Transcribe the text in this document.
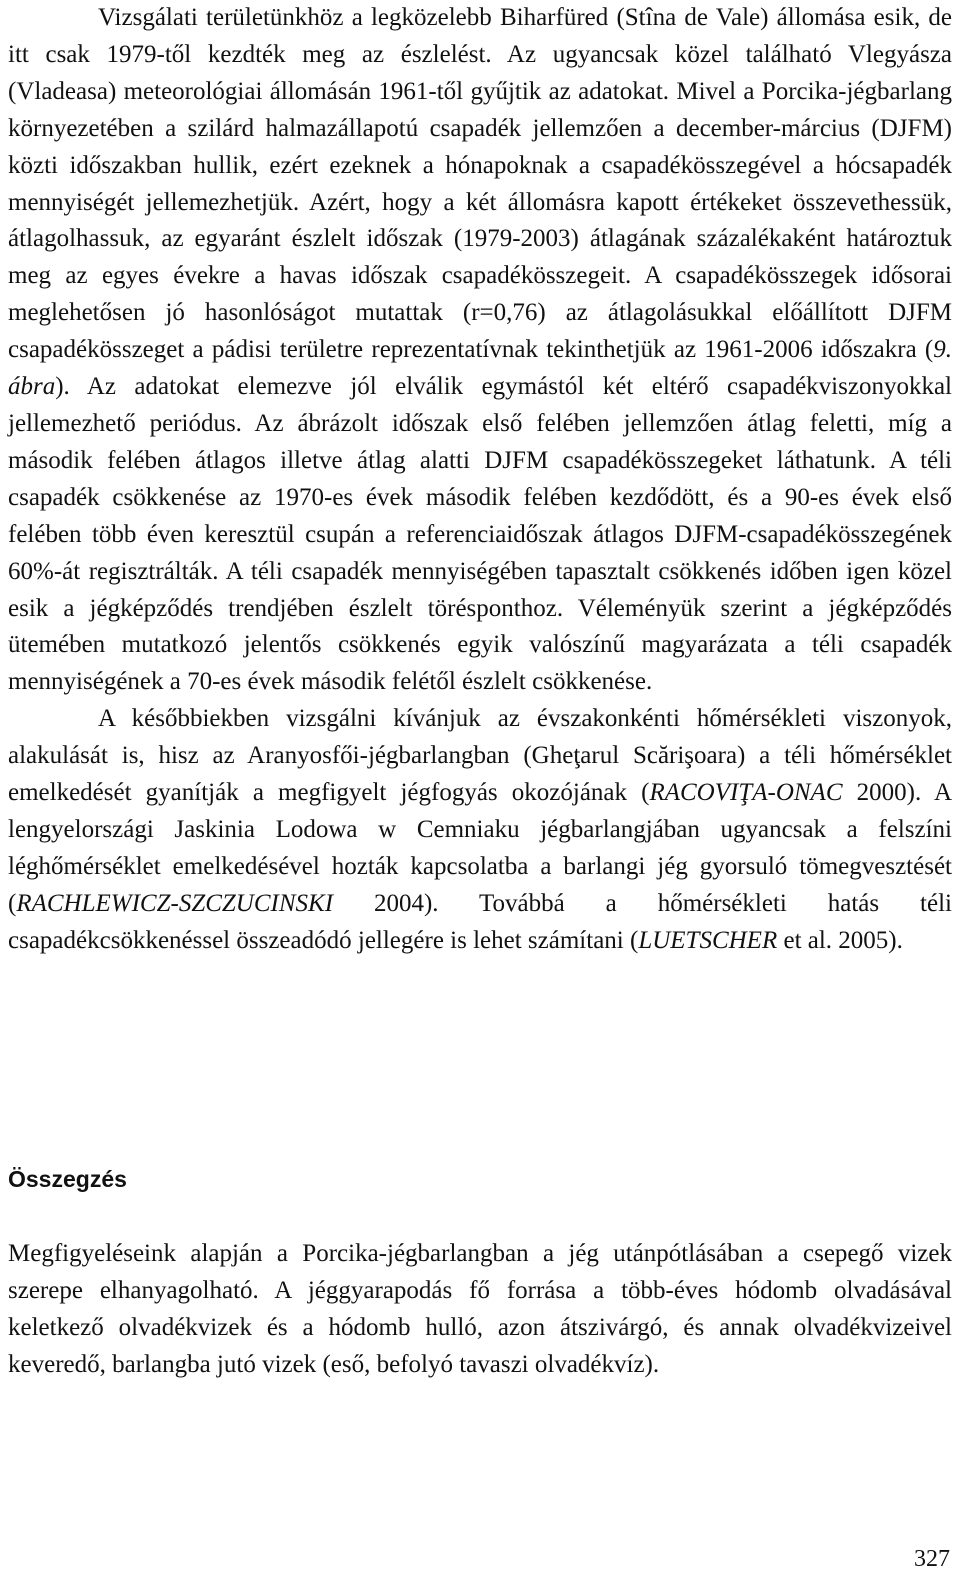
Vizsgálati területünkhöz a legközelebb Biharfüred (Stîna de Vale) állomása esik, de itt csak 1979-től kezdték meg az észlelést. Az ugyancsak közel található Vlegyásza (Vladeasa) meteorológiai állomásán 1961-től gyűjtik az adatokat. Mivel a Porcika-jégbarlang környezetében a szilárd halmazállapotú csapadék jellemzően a december-március (DJFM) közti időszakban hullik, ezért ezeknek a hónapoknak a csapadékösszegével a hócsapadék mennyiségét jellemezhetjük. Azért, hogy a két állomásra kapott értékeket összevethessük, átlagolhassuk, az egyaránt észlelt időszak (1979-2003) átlagának százalékaként határoztuk meg az egyes évekre a havas időszak csapadékösszegeit. A csapadékösszegek idősorai meglehetősen jó hasonlóságot mutattak (r=0,76) az átlagolásukkal előállított DJFM csapadékösszeget a pádisi területre reprezentatívnak tekinthetjük az 1961-2006 időszakra (9. ábra). Az adatokat elemezve jól elválik egymástól két eltérő csapadékviszonyokkal jellemezhető periódus. Az ábrázolt időszak első felében jellemzően átlag feletti, míg a második felében átlagos illetve átlag alatti DJFM csapadékösszegeket láthatunk. A téli csapadék csökkenése az 1970-es évek második felében kezdődött, és a 90-es évek első felében több éven keresztül csupán a referenciaidőszak átlagos DJFM-csapadékösszegének 60%-át regisztrálták. A téli csapadék mennyiségében tapasztalt csökkenés időben igen közel esik a jégképződés trendjében észlelt törésponthoz. Véleményük szerint a jégképződés ütemében mutatkozó jelentős csökkenés egyik valószínű magyarázata a téli csapadék mennyiségének a 70-es évek második felétől észlelt csökkenése.

A későbbiekben vizsgálni kívánjuk az évszakonkénti hőmérsékleti viszonyok, alakulását is, hisz az Aranyosfői-jégbarlangban (Gheţarul Scărişoara) a téli hőmérséklet emelkedését gyanítják a megfigyelt jégfogyás okozójának (RACOVIŢA-ONAC 2000). A lengyelországi Jaskinia Lodowa w Cemniaku jégbarlangjában ugyancsak a felszíni léghőmérséklet emelkedésével hozták kapcsolatba a barlangi jég gyorsuló tömegvesztését (RACHLEWICZ-SZCZUCINSKI 2004). Továbbá a hőmérsékleti hatás téli csapadékcsökkenéssel összeadódó jellegére is lehet számítani (LUETSCHER et al. 2005).

Összegzés

Megfigyeléseink alapján a Porcika-jégbarlangban a jég utánpótlásában a csepegő vizek szerepe elhanyagolható. A jéggyarapodás fő forrása a több-éves hódomb olvadásával keletkező olvadékvizek és a hódomb hulló, azon átszivárgó, és annak olvadékvizeivel keveredő, barlangba jutó vizek (eső, befolyó tavaszi olvadékvíz).

327
